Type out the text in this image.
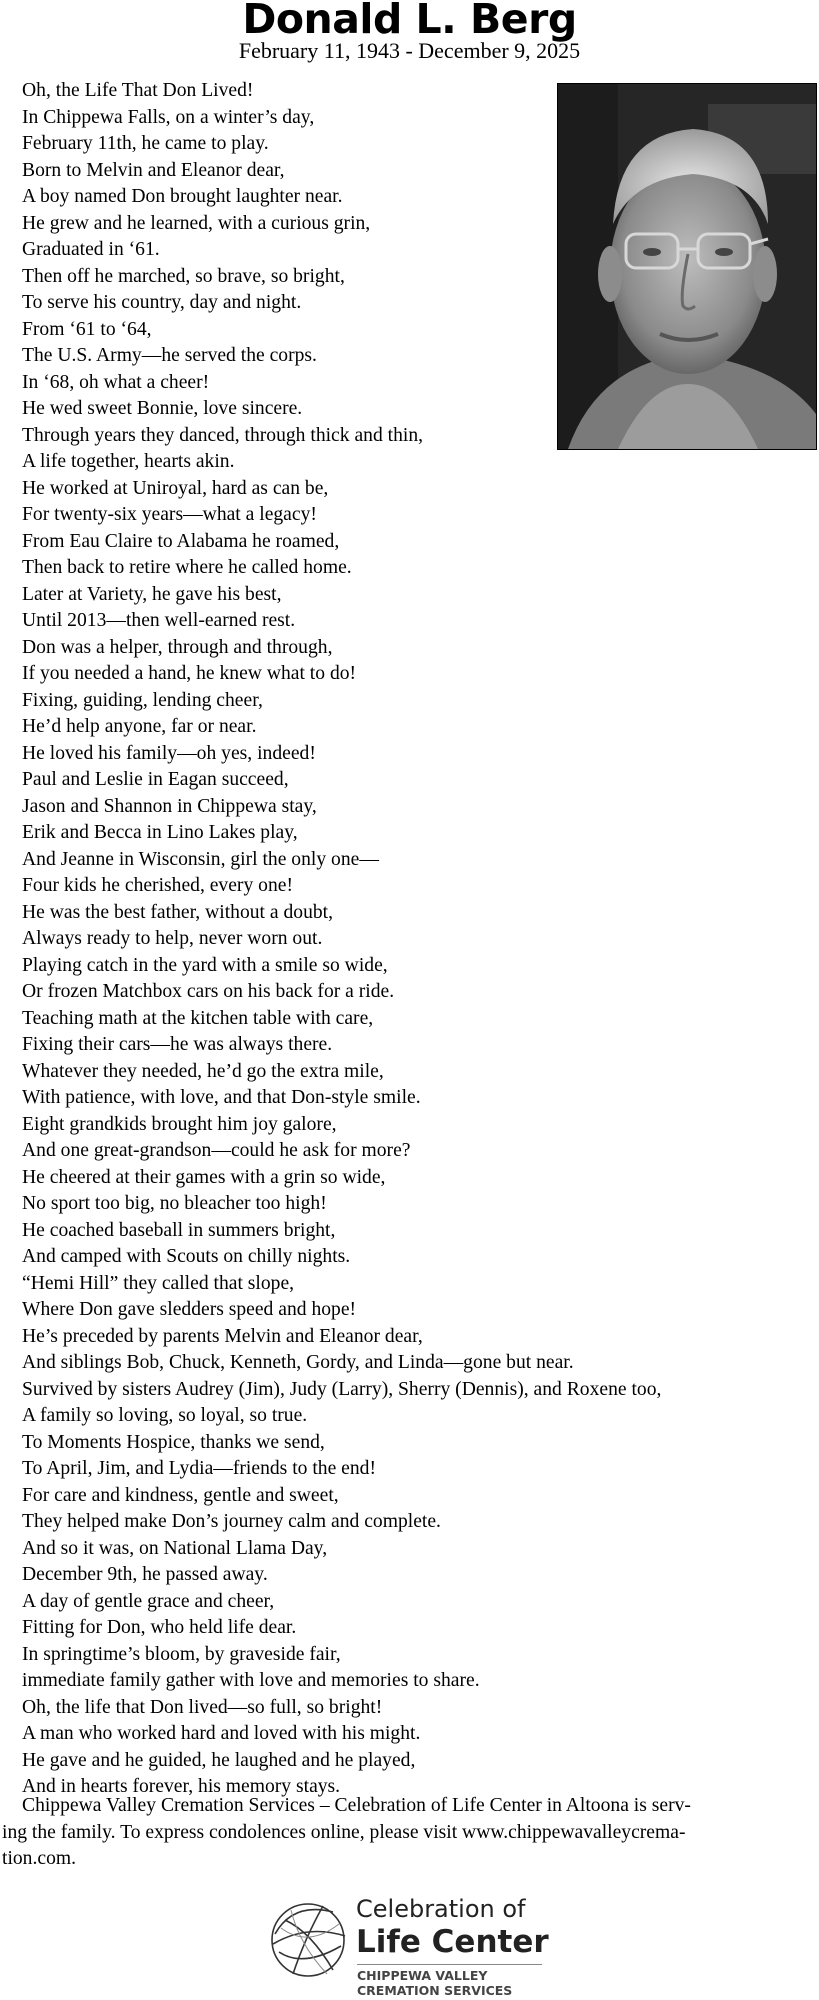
Donald L. Berg
February 11, 1943 - December 9, 2025
Oh, the Life That Don Lived!
In Chippewa Falls, on a winter’s day,
February 11th, he came to play.
Born to Melvin and Eleanor dear,
A boy named Don brought laughter near.
He grew and he learned, with a curious grin,
Graduated in ‘61.
Then off he marched, so brave, so bright,
To serve his country, day and night.
From ‘61 to ‘64,
The U.S. Army—he served the corps.
In ‘68, oh what a cheer!
He wed sweet Bonnie, love sincere.
Through years they danced, through thick and thin,
A life together, hearts akin.
He worked at Uniroyal, hard as can be,
For twenty-six years—what a legacy!
From Eau Claire to Alabama he roamed,
Then back to retire where he called home.
Later at Variety, he gave his best,
Until 2013—then well-earned rest.
Don was a helper, through and through,
If you needed a hand, he knew what to do!
Fixing, guiding, lending cheer,
He’d help anyone, far or near.
He loved his family—oh yes, indeed!
Paul and Leslie in Eagan succeed,
Jason and Shannon in Chippewa stay,
Erik and Becca in Lino Lakes play,
And Jeanne in Wisconsin, girl the only one—
Four kids he cherished, every one!
He was the best father, without a doubt,
Always ready to help, never worn out.
Playing catch in the yard with a smile so wide,
Or frozen Matchbox cars on his back for a ride.
Teaching math at the kitchen table with care,
Fixing their cars—he was always there.
Whatever they needed, he’d go the extra mile,
With patience, with love, and that Don-style smile.
Eight grandkids brought him joy galore,
And one great-grandson—could he ask for more?
He cheered at their games with a grin so wide,
No sport too big, no bleacher too high!
He coached baseball in summers bright,
And camped with Scouts on chilly nights.
“Hemi Hill” they called that slope,
Where Don gave sledders speed and hope!
He’s preceded by parents Melvin and Eleanor dear,
And siblings Bob, Chuck, Kenneth, Gordy, and Linda—gone but near.
Survived by sisters Audrey (Jim), Judy (Larry), Sherry (Dennis), and Roxene too,
A family so loving, so loyal, so true.
To Moments Hospice, thanks we send,
To April, Jim, and Lydia—friends to the end!
For care and kindness, gentle and sweet,
They helped make Don’s journey calm and complete.
And so it was, on National Llama Day,
December 9th, he passed away.
A day of gentle grace and cheer,
Fitting for Don, who held life dear.
In springtime’s bloom, by graveside fair,
immediate family gather with love and memories to share.
Oh, the life that Don lived—so full, so bright!
A man who worked hard and loved with his might.
He gave and he guided, he laughed and he played,
And in hearts forever, his memory stays.
Chippewa Valley Cremation Services – Celebration of Life Center in Altoona is serv-
ing the family. To express condolences online, please visit www.chippewavalleycrema-
tion.com.
Celebration of
Life Center
CHIPPEWA VALLEY
CREMATION SERVICES
